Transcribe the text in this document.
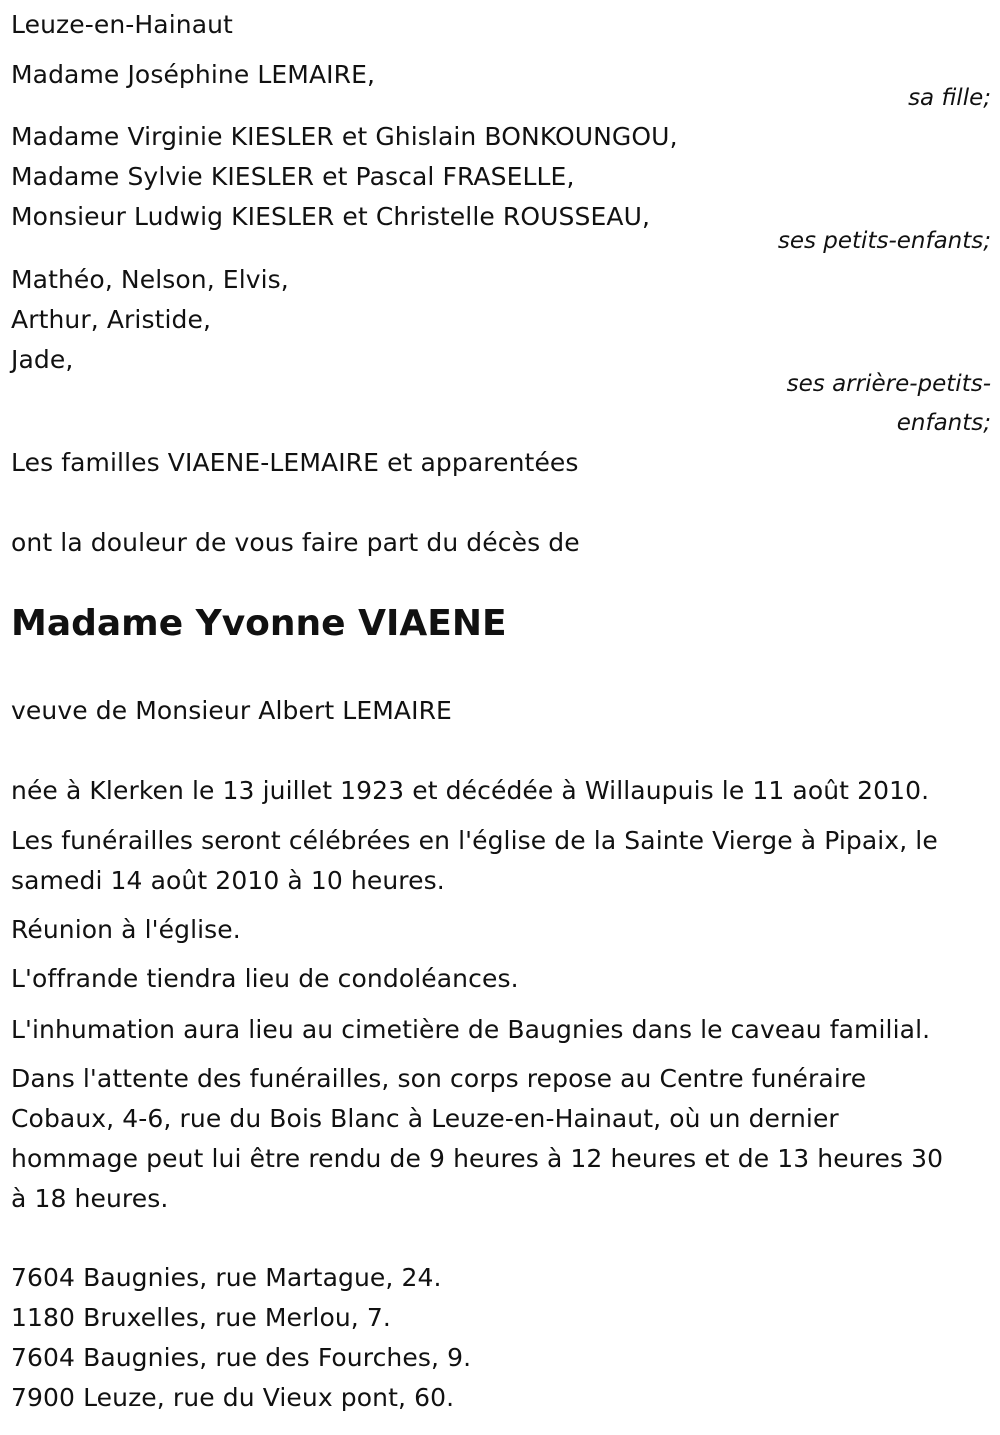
Leuze-en-Hainaut
Madame Joséphine LEMAIRE,
sa fille;
Madame Virginie KIESLER et Ghislain BONKOUNGOU,
Madame Sylvie KIESLER et Pascal FRASELLE,
Monsieur Ludwig KIESLER et Christelle ROUSSEAU,
ses petits-enfants;
Mathéo, Nelson, Elvis,
Arthur, Aristide,
Jade,
ses arrière-petits-
enfants;
Les familles VIAENE-LEMAIRE et apparentées
ont la douleur de vous faire part du décès de
Madame Yvonne VIAENE
veuve de Monsieur Albert LEMAIRE
née à Klerken le 13 juillet 1923 et décédée à Willaupuis le 11 août 2010.
Les funérailles seront célébrées en l'église de la Sainte Vierge à Pipaix, le
samedi 14 août 2010 à 10 heures.
Réunion à l'église.
L'offrande tiendra lieu de condoléances.
L'inhumation aura lieu au cimetière de Baugnies dans le caveau familial.
Dans l'attente des funérailles, son corps repose au Centre funéraire
Cobaux, 4-6, rue du Bois Blanc à Leuze-en-Hainaut, où un dernier
hommage peut lui être rendu de 9 heures à 12 heures et de 13 heures 30
à 18 heures.
7604 Baugnies, rue Martague, 24.
1180 Bruxelles, rue Merlou, 7.
7604 Baugnies, rue des Fourches, 9.
7900 Leuze, rue du Vieux pont, 60.
